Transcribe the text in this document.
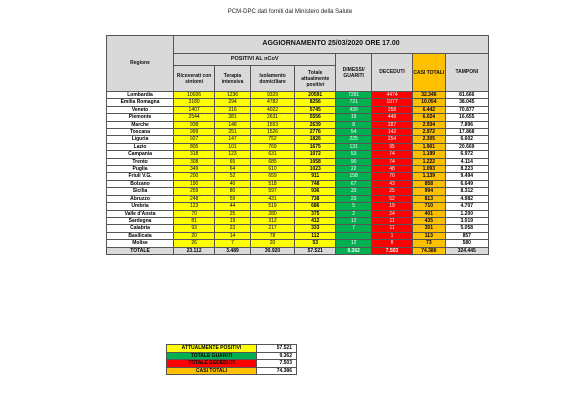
PCM-DPC dati forniti dal Ministero della Salute
Regione	AGGIORNAMENTO 25/03/2020 ORE 17.00							
	POSITIVI AL nCoV				DIMESSI/ GUARITI	DECEDUTI	CASI TOTALI	TAMPONI
	Ricoverati con sintomi	Terapia intensiva	Isolamento domiciliare	Totale attualmente positivi				
Lombardia	10026	1236	9329	20591	7281	4474	32.346	81.666
Emilia Romagna	3180	294	4782	8256	721	1077	10.054	38.045
Veneto	1407	316	4022	5745	439	258	6.442	70.877
Piemonte	2544	381	2631	5556	19	449	6.024	16.655
Marche	938	148	1553	2639	8	287	2.934	7.896
Toscana	999	251	1526	2776	54	142	2.972	17.868
Liguria	927	147	752	1826	225	254	2.305	6.602
Lazio	805	101	769	1675	131	95	1.901	20.669
Campania	318	123	631	1072	53	74	1.199	6.972
Trento	308	65	685	1058	90	74	1.222	4.114
Puglia	349	64	610	1023	22	48	1.093	8.223
Friuli V.G.	200	52	659	911	158	70	1.139	9.494
Bolzano	190	40	518	748	67	43	858	6.649
Sicilia	259	80	597	936	33	25	994	8.312
Abruzzo	248	59	431	738	23	52	813	4.982
Umbria	123	44	519	686	5	19	710	4.707
Valle d'Aosta	70	25	280	375	2	24	401	1.200
Sardegna	81	19	312	412	12	11	435	3.019
Calabria	93	23	217	333	7	11	351	5.058
Basilicata	20	14	78	112		1	113	857
Molise	26	7	20	53	12	8	73	580
TOTALE	23.112	3.489	30.920	57.521	9.362	7.503	74.386	324.445
ATTUALMENTE POSITIVI	57.521
TOTALE GUARITI	9.362
TOTALE DECEDUTI	7.503
CASI TOTALI	74.386
